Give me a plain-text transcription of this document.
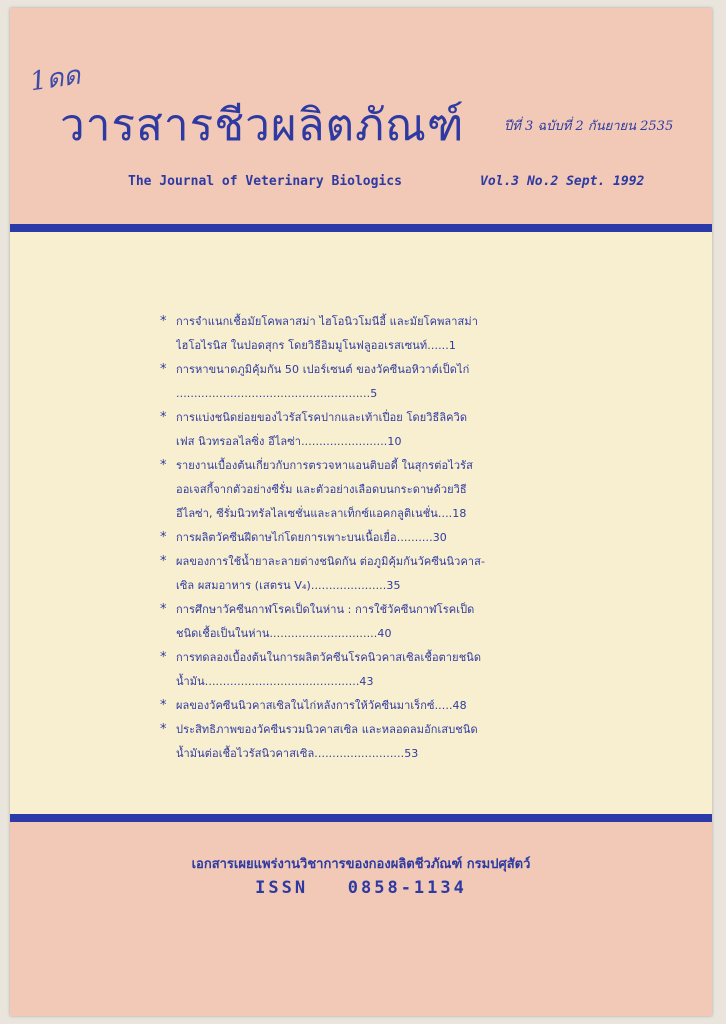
1ดด
วารสารชีวผลิตภัณฑ์	ปีที่ 3 ฉบับที่ 2 กันยายน 2535
The Journal of Veterinary Biologics	Vol.3 No.2 Sept. 1992
* การจำแนกเชื้อมัยโคพลาสม่า ไฮโอนิวโมนีอี้ และมัยโคพลาสม่า
ไฮโอไรนิส ในปอดสุกร โดยวิธีอิมมูโนฟลูออเรสเซนท์......1
* การหาขนาดภูมิคุ้มกัน 50 เปอร์เซนต์ ของวัคซีนอหิวาต์เป็ดไก่
......................................................5
* การแบ่งชนิดย่อยของไวรัสโรคปากและเท้าเปื่อย โดยวิธีลิควิด
เฟส นิวทรอลไลซิ่ง อีไลซ่า........................10
* รายงานเบื้องต้นเกี่ยวกับการตรวจหาแอนติบอดี้ ในสุกรต่อไวรัส
ออเจสกี้จากตัวอย่างซีรั่ม และตัวอย่างเลือดบนกระดาษด้วยวิธี
อีไลซ่า, ซีรั่มนิวทรัลไลเซชั่นและลาเท็กซ์แอคกลูติเนชั่น....18
* การผลิตวัคซีนฝีดาษไก่โดยการเพาะบนเนื้อเยื่อ..........30
* ผลของการใช้น้ำยาละลายต่างชนิดกัน ต่อภูมิคุ้มกันวัคซีนนิวคาส-
เซิล ผสมอาหาร (เสตรน V₄).....................35
* การศึกษาวัคซีนกาฬโรคเป็ดในห่าน : การใช้วัคซีนกาฬโรคเป็ด
ชนิดเชื้อเป็นในห่าน..............................40
* การทดลองเบื้องต้นในการผลิตวัคซีนโรคนิวคาสเซิลเชื้อตายชนิด
น้ำมัน...........................................43
* ผลของวัคซีนนิวคาสเซิลในไก่หลังการให้วัคซีนมาเร็กซ์.....48
* ประสิทธิภาพของวัคซีนรวมนิวคาสเซิล และหลอดลมอักเสบชนิด
น้ำมันต่อเชื้อไวรัสนิวคาสเซิล.........................53
เอกสารเผยแพร่งานวิชาการของกองผลิตชีวภัณฑ์ กรมปศุสัตว์
ISSN   0858-1134
